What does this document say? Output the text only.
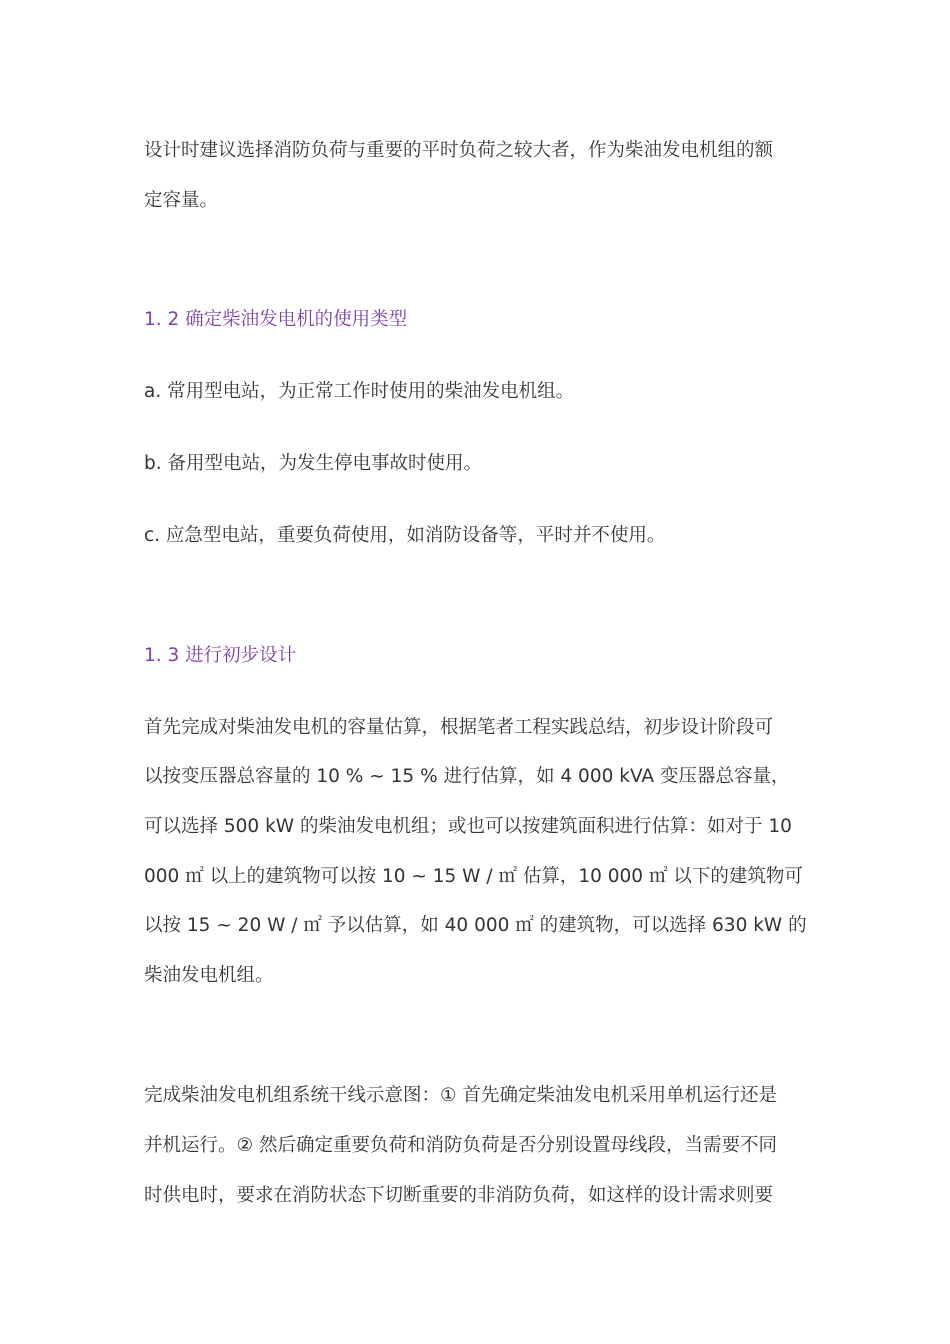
设计时建议选择消防负荷与重要的平时负荷之较大者，作为柴油发电机组的额
定容量。
1. 2 确定柴油发电机的使用类型
a. 常用型电站，为正常工作时使用的柴油发电机组。
b. 备用型电站，为发生停电事故时使用。
c. 应急型电站，重要负荷使用，如消防设备等，平时并不使用。
1. 3 进行初步设计
首先完成对柴油发电机的容量估算，根据笔者工程实践总结，初步设计阶段可
以按变压器总容量的 10 % ~ 15 % 进行估算，如 4 000 kVA 变压器总容量，
可以选择 500 kW 的柴油发电机组；或也可以按建筑面积进行估算：如对于 10
000 ㎡ 以上的建筑物可以按 10 ~ 15 W / ㎡ 估算，10 000 ㎡ 以下的建筑物可
以按 15 ~ 20 W / ㎡ 予以估算，如 40 000 ㎡ 的建筑物，可以选择 630 kW 的
柴油发电机组。
完成柴油发电机组系统干线示意图：① 首先确定柴油发电机采用单机运行还是
并机运行。② 然后确定重要负荷和消防负荷是否分别设置母线段，当需要不同
时供电时，要求在消防状态下切断重要的非消防负荷，如这样的设计需求则要
